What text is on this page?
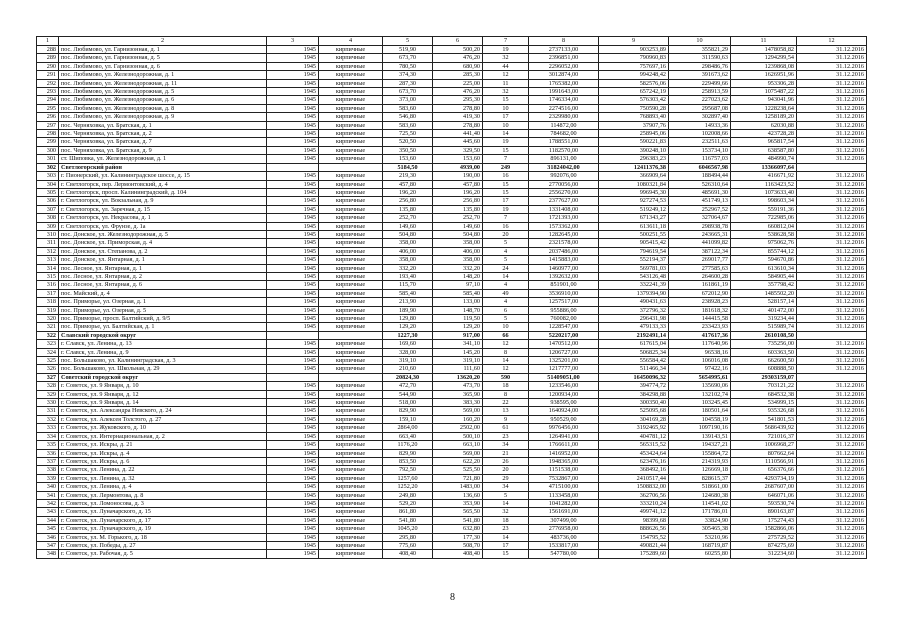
1	2	3	4	5	6	7	8	9	10	11	12
288	пос. Любимово, ул. Гарнизонная, д. 1	1945	кирпичные	519,90	500,20	19	2737133,00	903253,89	355821,29	1478058,82	31.12.2016
289	пос. Любимово, ул. Гарнизонная, д. 5	1945	кирпичные	673,70	476,20	32	2396851,00	790960,83	311590,63	1294299,54	31.12.2016
290	пос. Любимово, ул. Гарнизонная, д. 6	1945	кирпичные	780,50	680,90	44	2296052,00	757697,16	298486,76	1239868,08	31.12.2016
291	пос. Любимово, ул. Железнодорожная, д. 1	1945	кирпичные	374,30	285,30	12	3012874,00	994248,42	391673,62	1626951,96	31.12.2016
292	пос. Любимово, ул. Железнодорожная, д. 11	1945	кирпичные	287,30	225,00	11	1765382,00	582576,06	229499,66	953306,28	31.12.2016
293	пос. Любимово, ул. Железнодорожная, д. 5	1945	кирпичные	673,70	476,20	32	1991643,00	657242,19	258913,59	1075487,22	31.12.2016
294	пос. Любимово, ул. Железнодорожная, д. 6	1945	кирпичные	373,00	295,30	15	1746334,00	576303,42	227023,62	943041,96	31.12.2016
295	пос. Любимово, ул. Железнодорожная, д. 8	1945	кирпичные	583,60	278,80	10	2274516,00	750590,28	295687,08	1228238,64	31.12.2016
296	пос. Любимово, ул. Железнодорожная, д. 9	1945	кирпичные	546,80	419,30	17	2329980,00	768893,40	302897,40	1258189,20	31.12.2016
297	пос. Черняховка, ул. Братская, д. 1	1945	кирпичные	583,60	278,80	10	114872,00	37907,76	14933,36	62030,88	31.12.2016
298	пос. Черняховка, ул. Братская, д. 2	1945	кирпичные	725,50	441,40	14	784682,00	258945,06	102008,66	423728,28	31.12.2016
299	пос. Черняховка, ул. Братская, д. 7	1945	кирпичные	520,50	445,60	19	1788551,00	590221,83	232511,63	965817,54	31.12.2016
300	пос. Черняховка, ул. Братская, д. 9	1945	кирпичные	350,50	329,50	15	1182570,00	390248,10	153734,10	638587,80	31.12.2016
301	ст. Шиповка, ул. Железнодорожная, д. 1	1945	кирпичные	153,60	153,60	7	896131,00	296383,23	116757,03	484990,74	31.12.2016
302	Светлогорский район			5184,50	4939,00	249	31824042,00	12411376,38	6046567,98	13366097,64	
303	г. Пионерский, ул. Калининградское шоссе, д. 15	1945	кирпичные	219,30	190,00	16	992076,00	366909,64	188494,44	416671,92	31.12.2016
304	г. Светлогорск, пер. Лермонтовский, д. 4	1945	кирпичные	457,80	457,80	15	2770056,00	1080321,84	526310,64	1163423,52	31.12.2016
305	г. Светлогорск, просп. Калининградский, д. 104	1945	кирпичные	196,20	196,20	15	2556270,00	996945,30	485691,30	1073633,40	31.12.2016
306	г. Светлогорск, ул. Вокзальная, д. 9	1945	кирпичные	256,80	256,80	17	2377627,00	927274,53	451749,13	998603,34	31.12.2016
307	г. Светлогорск, ул. Заречная, д. 15	1945	кирпичные	135,80	135,80	19	1331408,00	519249,12	252967,52	559191,36	31.12.2016
308	г. Светлогорск, ул. Некрасова, д. 1	1945	кирпичные	252,70	252,70	7	1721393,00	671343,27	327064,67	722985,06	31.12.2016
309	г. Светлогорск, ул. Фрунзе, д. 1а	1945	кирпичные	149,60	149,60	16	1573362,00	613611,18	298938,78	660812,04	31.12.2016
310	пос. Донское, ул. Железнодорожная, д. 5	1945	кирпичные	504,80	504,80	20	1282645,00	500251,55	243665,31	538628,58	31.12.2016
311	пос. Донское, ул. Приморская, д. 4	1945	кирпичные	358,00	358,00	5	2321578,00	905415,42	441099,82	975062,76	31.12.2016
312	пос. Донское, ул. Степанова, д. 2	1945	кирпичные	406,00	406,00	4	2037486,00	794619,54	387122,34	855744,12	31.12.2016
313	пос. Донское, ул. Янтарная, д. 1	1945	кирпичные	358,00	358,00	5	1415883,00	552194,37	269017,77	594670,86	31.12.2016
314	пос. Лесное, ул. Янтарная, д. 1	1945	кирпичные	332,20	332,20	24	1460977,00	569781,03	277585,63	613610,34	31.12.2016
315	пос. Лесное, ул. Янтарная, д. 2	1945	кирпичные	193,40	148,20	14	1392632,00	543126,48	264600,28	584905,44	31.12.2016
316	пос. Лесное, ул. Янтарная, д. 6	1945	кирпичные	115,70	97,10	4	851901,00	332241,39	161861,19	357798,42	31.12.2016
317	пос. Майский, д. 4	1945	кирпичные	585,40	585,40	49	3536910,00	1379394,90	672012,90	1485502,20	31.12.2016
318	пос. Приморье, ул. Озерная, д. 1	1945	кирпичные	213,90	133,00	4	1257517,00	490431,63	238928,23	528157,14	31.12.2016
319	пос. Приморье, ул. Озерная, д. 5	1945	кирпичные	189,90	148,70	6	955886,00	372796,32	181618,32	401472,00	31.12.2016
320	пос. Приморье, просп. Балтийский, д. 9/5	1945	кирпичные	129,80	119,50	5	760082,00	296431,98	144415,58	319234,44	31.12.2016
321	пос. Приморье, ул. Балтийская, д. 1	1945	кирпичные	129,20	129,20	10	1228547,00	479133,33	233423,93	515989,74	31.12.2016
322	Славский городской округ			1227,30	917,00	66	5220217,00	2192491,14	417617,36	2610108,50	
323	г. Славск, ул. Ленина, д. 13	1945	кирпичные	169,60	341,10	12	1470512,00	617615,04	117640,96	735256,00	31.12.2016
324	г. Славск, ул. Ленина, д. 9	1945	кирпичные	328,00	145,20	8	1206727,00	506825,34	96538,16	603363,50	31.12.2016
325	пос. Большаково, ул. Калининградская, д. 3	1945	кирпичные	319,10	319,10	14	1325201,00	556584,42	106016,08	662600,50	31.12.2016
326	пос. Большаково, ул. Школьная, д. 29	1945	кирпичные	210,60	111,60	12	1217777,00	511466,34	97422,16	608888,50	31.12.2016
327	Советский городской округ			20824,30	13620,20	590	51409051,00	16450096,32	5654995,61	29303159,07	
328	г. Советск, ул. 9 Января, д. 10	1945	кирпичные	472,70	473,70	18	1233546,00	394774,72	135690,06	703121,22	31.12.2016
329	г. Советск, ул. 9 Января, д. 12	1945	кирпичные	544,90	365,90	8	1200934,00	384298,88	132102,74	684532,38	31.12.2016
330	г. Советск, ул. 9 Января, д. 14	1945	кирпичные	518,00	383,30	22	938595,00	300350,40	103245,45	534999,15	31.12.2016
331	г. Советск, ул. Александра Невского, д. 24	1945	кирпичные	829,90	569,00	13	1640924,00	525095,68	180501,64	935326,68	31.12.2016
332	г. Советск, ул. Алексея Толстого, д. 27	1945	кирпичные	159,10	160,20	9	950529,00	304169,28	104558,19	541801,53	31.12.2016
333	г. Советск, ул. Жуковского, д. 10	1945	кирпичные	2864,00	2502,00	61	9976456,00	3192465,92	1097190,16	5686439,92	31.12.2016
334	г. Советск, ул. Интернациональная, д. 2	1945	кирпичные	663,40	500,10	23	1264941,00	404781,12	139143,51	721016,37	31.12.2016
335	г. Советск, ул. Искры, д. 21	1945	кирпичные	1176,20	663,10	34	1766611,00	565315,52	194327,21	1006968,27	31.12.2016
336	г. Советск, ул. Искры, д. 4	1945	кирпичные	829,90	569,00	21	1416952,00	453424,64	155864,72	807662,64	31.12.2016
337	г. Советск, ул. Искры, д. 6	1945	кирпичные	853,50	622,20	26	1948365,00	623476,16	214319,93	1110566,91	31.12.2016
338	г. Советск, ул. Ленина, д. 22	1945	кирпичные	792,50	525,50	20	1151538,00	368492,16	126669,18	656376,66	31.12.2016
339	г. Советск, ул. Ленина, д. 32	1945	кирпичные	1257,60	721,80	29	7532867,00	2410517,44	828615,37	4293734,19	31.12.2016
340	г. Советск, ул. Ленина, д. 4	1945	кирпичные	1252,20	1483,00	34	4715100,00	1508832,00	518661,00	2687607,00	31.12.2016
341	г. Советск, ул. Лермонтова, д. 8	1945	кирпичные	249,80	136,60	5	1133458,00	362706,56	124680,38	646071,06	31.12.2016
342	г. Советск, ул. Ломоносова, д. 3	1945	кирпичные	529,20	353,90	14	1041282,00	333210,24	114541,02	593530,74	31.12.2016
343	г. Советск, ул. Луначарского, д. 15	1945	кирпичные	861,80	565,50	32	1561691,00	499741,12	171786,01	890163,87	31.12.2016
344	г. Советск, ул. Луначарского, д. 17	1945	кирпичные	541,80	541,80	18	307499,00	98399,68	33824,90	175274,43	31.12.2016
345	г. Советск, ул. Луначарского, д. 19	1945	кирпичные	1045,20	632,80	23	2776958,00	888626,56	305465,38	1582866,06	31.12.2016
346	г. Советск, ул. М. Горького, д. 18	1945	кирпичные	295,80	177,30	14	483736,00	154795,52	53210,96	275729,52	31.12.2016
347	г. Советск, ул. Победы, д. 27	1945	кирпичные	775,60	508,70	17	1533817,00	490821,44	168719,87	874275,69	31.12.2016
348	г. Советск, ул. Рабочая, д. 5	1945	кирпичные	408,40	408,40	15	547780,00	175289,60	60255,80	312234,60	31.12.2016
8
